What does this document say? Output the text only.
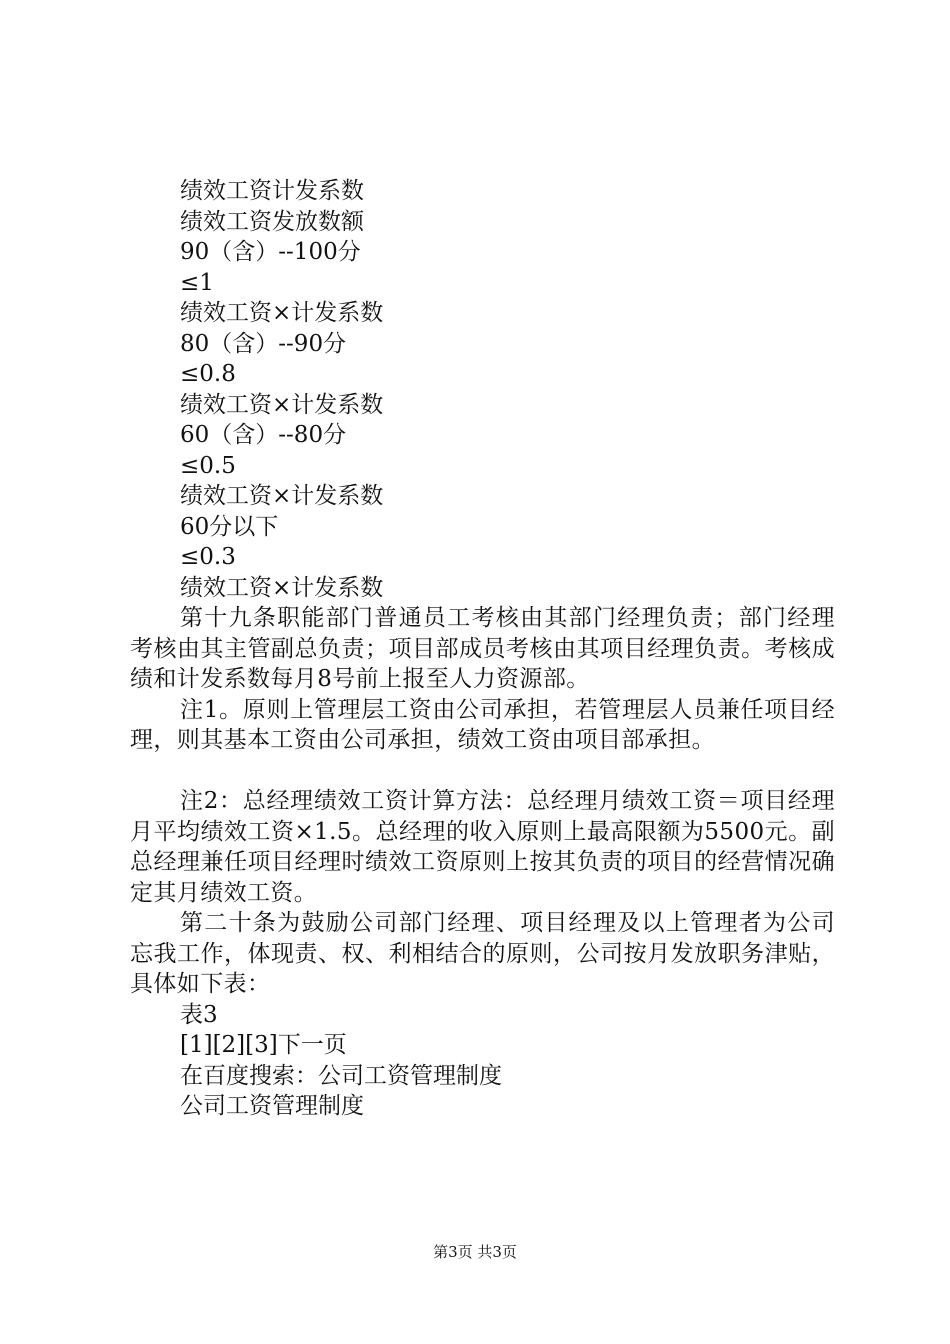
绩效工资计发系数
绩效工资发放数额
90（含）--100分
≤1
绩效工资×计发系数
80（含）--90分
≤0.8
绩效工资×计发系数
60（含）--80分
≤0.5
绩效工资×计发系数
60分以下
≤0.3
绩效工资×计发系数

第十九条职能部门普通员工考核由其部门经理负责；部门经理考核由其主管副总负责；项目部成员考核由其项目经理负责。考核成绩和计发系数每月8号前上报至人力资源部。

注1。原则上管理层工资由公司承担，若管理层人员兼任项目经理，则其基本工资由公司承担，绩效工资由项目部承担。

注2：总经理绩效工资计算方法：总经理月绩效工资＝项目经理月平均绩效工资×1.5。总经理的收入原则上最高限额为5500元。副总经理兼任项目经理时绩效工资原则上按其负责的项目的经营情况确定其月绩效工资。

第二十条为鼓励公司部门经理、项目经理及以上管理者为公司忘我工作，体现责、权、利相结合的原则，公司按月发放职务津贴，具体如下表：

表3
[1][2][3]下一页
在百度搜索：公司工资管理制度
公司工资管理制度
第3页 共3页
